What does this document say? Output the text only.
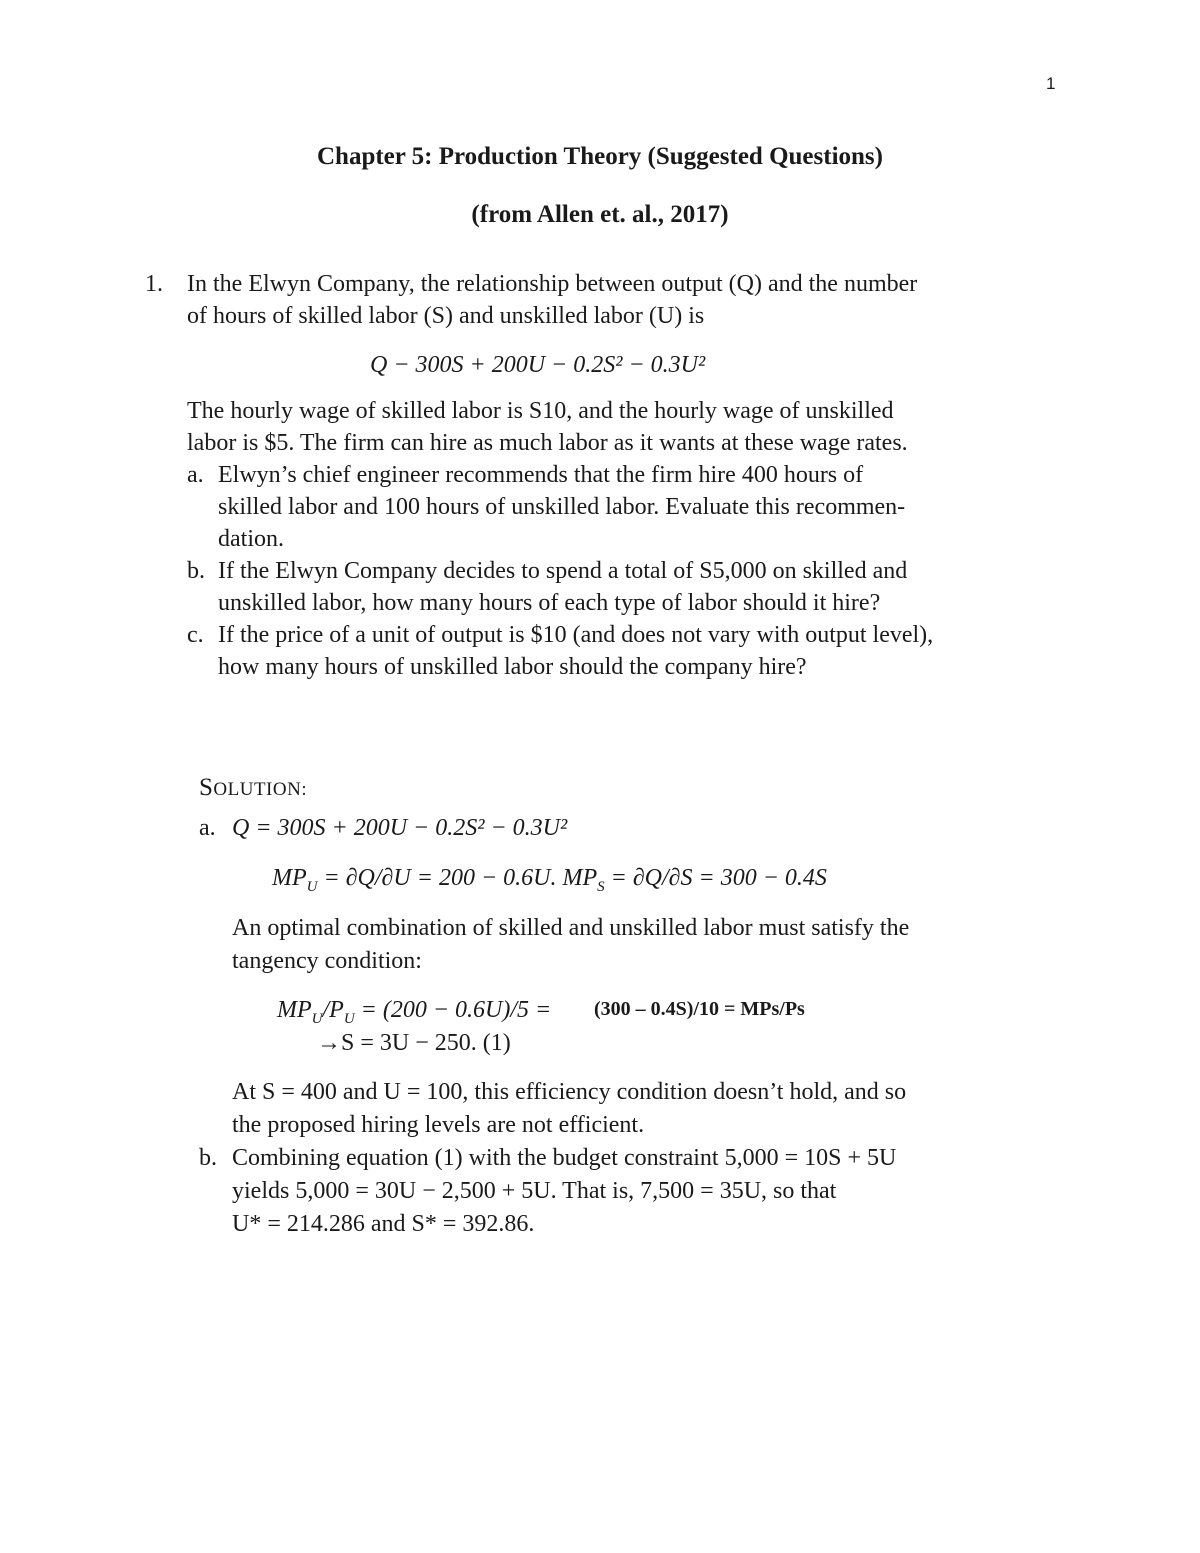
1
Chapter 5: Production Theory (Suggested Questions)
(from Allen et. al., 2017)
1. In the Elwyn Company, the relationship between output (Q) and the number
of hours of skilled labor (S) and unskilled labor (U) is
Q − 300S + 200U − 0.2S² − 0.3U²
The hourly wage of skilled labor is S10, and the hourly wage of unskilled
labor is $5. The firm can hire as much labor as it wants at these wage rates.
a. Elwyn’s chief engineer recommends that the firm hire 400 hours of
skilled labor and 100 hours of unskilled labor. Evaluate this recommen-
dation.
b. If the Elwyn Company decides to spend a total of S5,000 on skilled and
unskilled labor, how many hours of each type of labor should it hire?
c. If the price of a unit of output is $10 (and does not vary with output level),
how many hours of unskilled labor should the company hire?
SOLUTION:
a. Q = 300S + 200U − 0.2S² − 0.3U²
$MP_U = \partial Q/\partial U = 200 - 0.6U$. $MP_S = \partial Q/\partial S = 300 - 0.4S$
An optimal combination of skilled and unskilled labor must satisfy the
tangency condition:
$MP_U/P_U = (200 - 0.6U)/5 = (300 - 0.4S)/10 = MPs/Ps$
→S = 3U − 250. (1)
At S = 400 and U = 100, this efficiency condition doesn’t hold, and so
the proposed hiring levels are not efficient.
b. Combining equation (1) with the budget constraint 5,000 = 10S + 5U
yields 5,000 = 30U − 2,500 + 5U. That is, 7,500 = 35U, so that
U* = 214.286 and S* = 392.86.
